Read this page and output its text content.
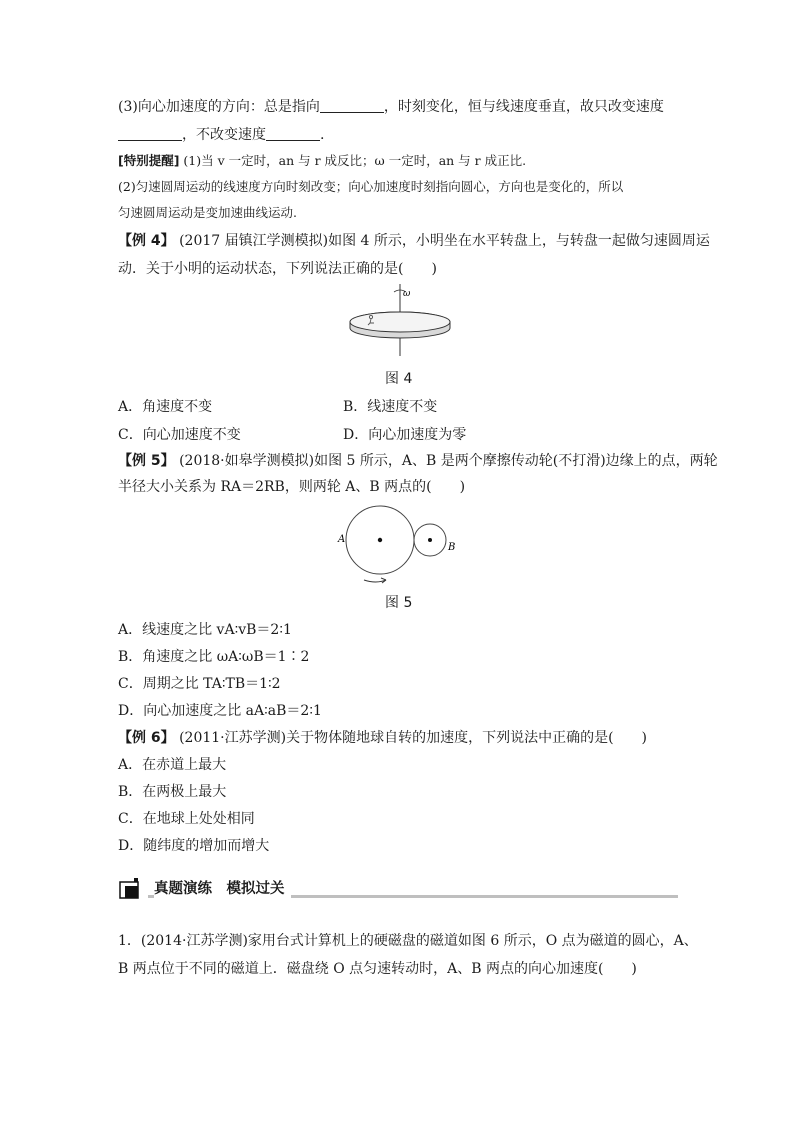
(3)向心加速度的方向：总是指向	，时刻变化，恒与线速度垂直，故只改变速度
，不改变速度	.
[特别提醒] (1)当 v 一定时，an 与 r 成反比；ω 一定时，an 与 r 成正比.
(2)匀速圆周运动的线速度方向时刻改变；向心加速度时刻指向圆心，方向也是变化的，所以
匀速圆周运动是变加速曲线运动.
【例 4】 (2017 届镇江学测模拟)如图 4 所示，小明坐在水平转盘上，与转盘一起做匀速圆周运
动．关于小明的运动状态，下列说法正确的是(　　)
ω
图 4
A．角速度不变	B．线速度不变
C．向心加速度不变	D．向心加速度为零
【例 5】 (2018·如皋学测模拟)如图 5 所示，A、B 是两个摩擦传动轮(不打滑)边缘上的点，两轮
半径大小关系为 RA＝2RB，则两轮 A、B 两点的(　　)
A
B
图 5
A．线速度之比 vA∶vB＝2∶1
B．角速度之比 ωA∶ωB＝1∶2
C．周期之比 TA∶TB＝1∶2
D．向心加速度之比 aA∶aB＝2∶1
【例 6】 (2011·江苏学测)关于物体随地球自转的加速度，下列说法中正确的是(　　)
A．在赤道上最大
B．在两极上最大
C．在地球上处处相同
D．随纬度的增加而增大
真题演练　模拟过关
1．(2014·江苏学测)家用台式计算机上的硬磁盘的磁道如图 6 所示，O 点为磁道的圆心，A、
B 两点位于不同的磁道上．磁盘绕 O 点匀速转动时，A、B 两点的向心加速度(　　)
